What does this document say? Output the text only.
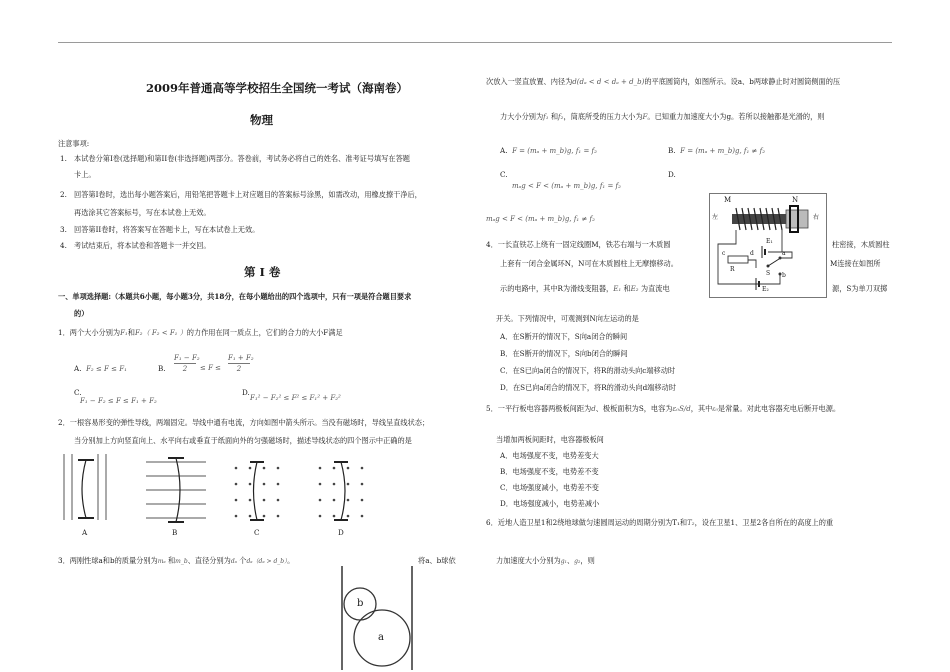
2009年普通高等学校招生全国统一考试（海南卷）
物理
注意事项:
1. 本试卷分第I卷(选择题)和第II卷(非选择题)两部分。答卷前，考试务必将自己的姓名、准考证号填写在答题
卡上。
2. 回答第I卷时，选出每小题答案后，用铅笔把答题卡上对应题目的答案标号涂黑，如需改动，用橡皮擦干净后，
再选涂其它答案标号，写在本试卷上无效。
3. 回答第II卷时，将答案写在答题卡上，写在本试卷上无效。
4. 考试结束后，将本试卷和答题卡一并交回。
第 I 卷
一、单项选择题:（本题共6小题，每小题3分，共18分，在每小题给出的四个选项中，只有一项是符合题目要求
的）
1．两个大小分别为F₁和F₂（ F₂ < F₁ ）的力作用在同一质点上，它们的合力的大小F满足
A. F₂ ≤ F ≤ F₁	B.
F₁ − F₂
2	≤ F ≤
F₁ + F₂
2
C.
F₁ − F₂ ≤ F ≤ F₁ + F₂
D.
F₁² − F₂² ≤ F² ≤ F₁² + F₂²
2．一根容易形变的弹性导线，两端固定。导线中通有电流，方向如图中箭头所示。当没有磁场时，导线呈直线状态；
当分别加上方向竖直向上、水平向右或垂直于纸面向外的匀强磁场时，描述导线状态的四个图示中正确的是
A	B	C	D
3．两刚性球a和b的质量分别为mₐ 和m_b、直径分别为dₐ 个dₐ（dₐ > d_b）。	将a、b球依
b
a
次放入一竖直放置、内径为d(dₐ < d < dₐ + d_b)的平底圆筒内，如图所示。设a、b两球静止时对圆筒侧面的压
力大小分别为f₁ 和f₂，筒底所受的压力大小为F。已知重力加速度大小为g。若所以接触都是光滑的，则
A. F = (mₐ + m_b)g, f₁ = f₂	B. F = (mₐ + m_b)g, f₁ ≠ f₂
C.
mₐg < F < (mₐ + m_b)g, f₁ = f₂
D.
mₐg < F < (mₐ + m_b)g, f₁ ≠ f₂
4．一长直铁芯上绕有一固定线圈M，铁芯右端与一木质圆	柱密接，木质圆柱
上套有一闭合金属环N，N可在木质圆柱上无摩擦移动。	M连接在如图所
示的电路中，其中R为滑线变阻器，E₁ 和E₂ 为直流电	源，S为单刀双掷
开关。下列情况中，可观测到N向左运动的是
A．在S断开的情况下，S向a闭合的瞬间
B．在S断开的情况下，S向b闭合的瞬间
C．在S已向a闭合的情况下，将R的滑动头向c端移动时
D．在S已向a闭合的情况下，将R的滑动头向d端移动时
M	N
左	右
E₁
R
a
b
S
c	d
E₂
5．一平行板电容器两极板间距为d、极板面积为S，电容为ε₀S/d，其中ε₀是常量。对此电容器充电后断开电源。
当增加两板间距时，电容器极板间
A．电场强度不变，电势差变大
B．电场强度不变，电势差不变
C．电场强度减小，电势差不变
D．电场强度减小，电势差减小
6．近地人造卫星1和2绕地球做匀速圆周运动的周期分别为T₁和T₂，设在卫星1、卫星2各自所在的高度上的重
力加速度大小分别为g₁、g₂，则
